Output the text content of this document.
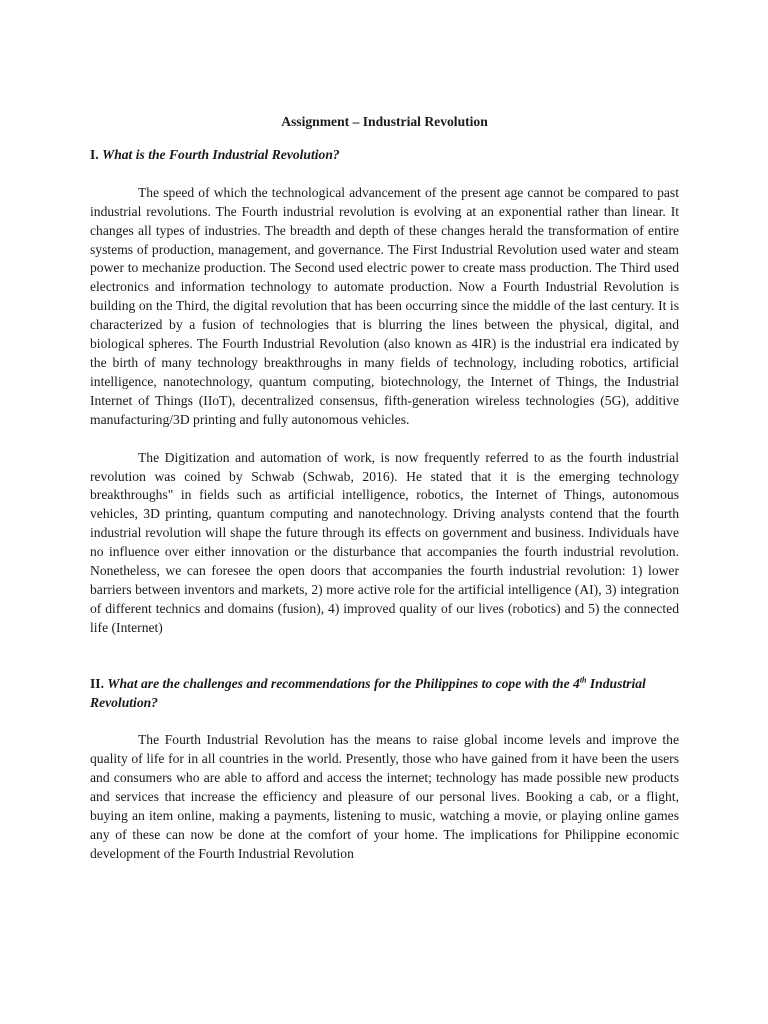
Assignment – Industrial Revolution
I. What is the Fourth Industrial Revolution?

The speed of which the technological advancement of the present age cannot be compared to past industrial revolutions. The Fourth industrial revolution is evolving at an exponential rather than linear. It changes all types of industries. The breadth and depth of these changes herald the transformation of entire systems of production, management, and governance. The First Industrial Revolution used water and steam power to mechanize production. The Second used electric power to create mass production. The Third used electronics and information technology to automate production. Now a Fourth Industrial Revolution is building on the Third, the digital revolution that has been occurring since the middle of the last century. It is characterized by a fusion of technologies that is blurring the lines between the physical, digital, and biological spheres. The Fourth Industrial Revolution (also known as 4IR) is the industrial era indicated by the birth of many technology breakthroughs in many fields of technology, including robotics, artificial intelligence, nanotechnology, quantum computing, biotechnology, the Internet of Things, the Industrial Internet of Things (IIoT), decentralized consensus, fifth-generation wireless technologies (5G), additive manufacturing/3D printing and fully autonomous vehicles.

The Digitization and automation of work, is now frequently referred to as the fourth industrial revolution was coined by Schwab (Schwab, 2016). He stated that it is the emerging technology breakthroughs" in fields such as artificial intelligence, robotics, the Internet of Things, autonomous vehicles, 3D printing, quantum computing and nanotechnology. Driving analysts contend that the fourth industrial revolution will shape the future through its effects on government and business. Individuals have no influence over either innovation or the disturbance that accompanies the fourth industrial revolution. Nonetheless, we can foresee the open doors that accompanies the fourth industrial revolution: 1) lower barriers between inventors and markets, 2) more active role for the artificial intelligence (AI), 3) integration of different technics and domains (fusion), 4) improved quality of our lives (robotics) and 5) the connected life (Internet)

II. What are the challenges and recommendations for the Philippines to cope with the 4th Industrial Revolution?

The Fourth Industrial Revolution has the means to raise global income levels and improve the quality of life for in all countries in the world. Presently, those who have gained from it have been the users and consumers who are able to afford and access the internet; technology has made possible new products and services that increase the efficiency and pleasure of our personal lives. Booking a cab, or a flight, buying an item online, making a payments, listening to music, watching a movie, or playing online games any of these can now be done at the comfort of your home. The implications for Philippine economic development of the Fourth Industrial Revolution
